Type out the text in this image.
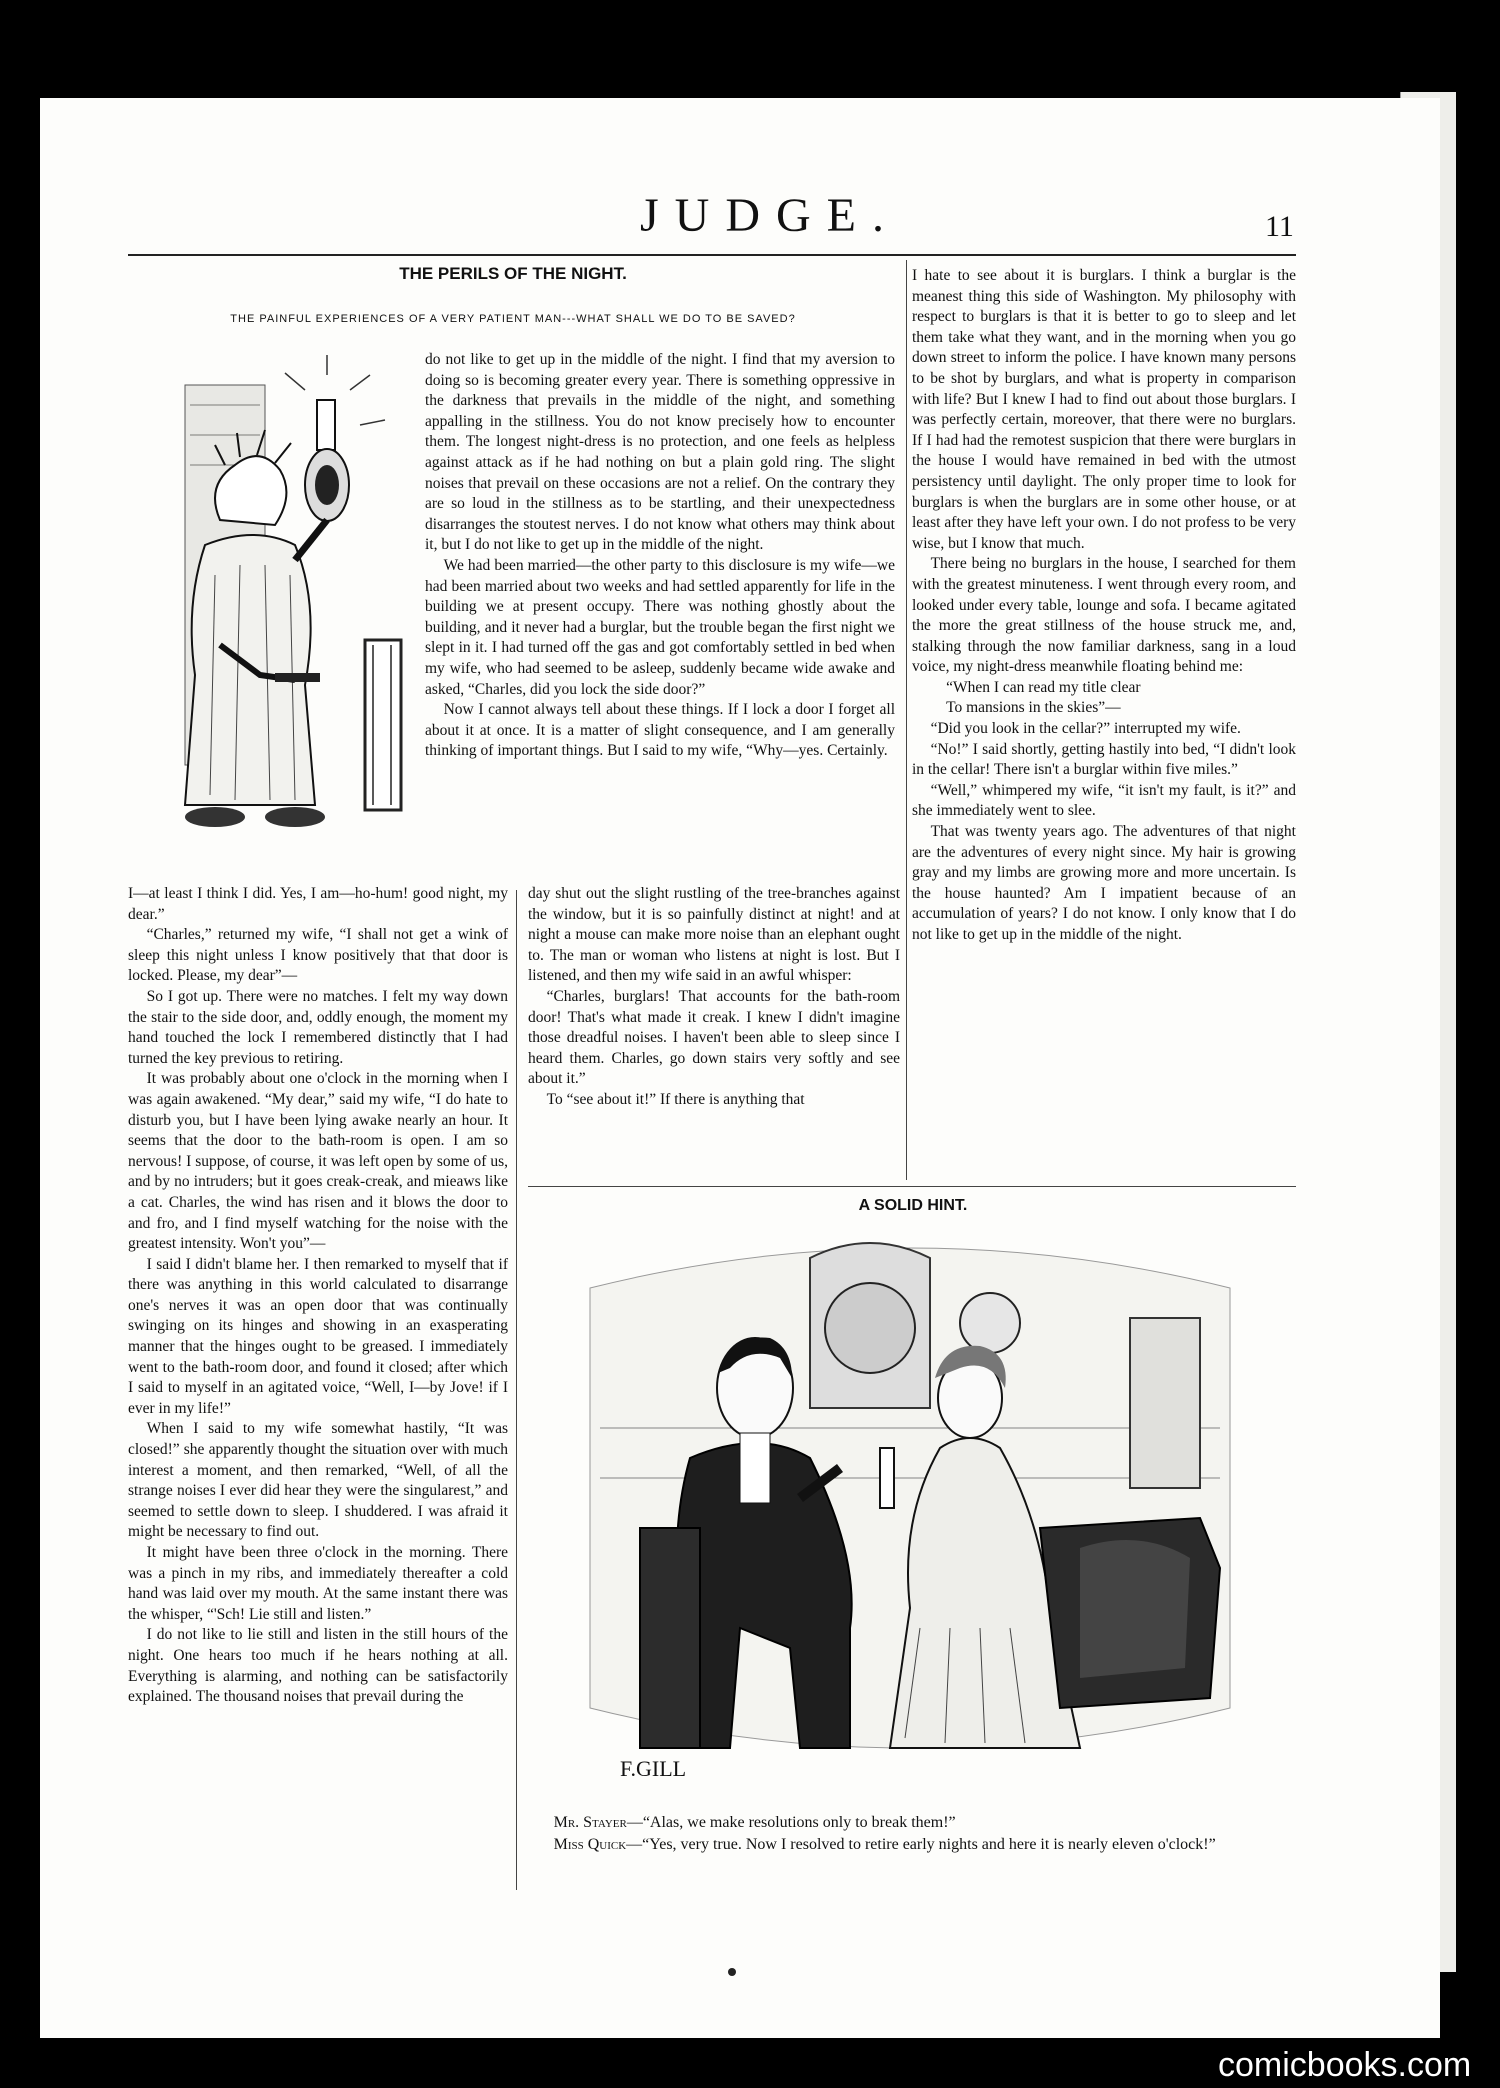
JUDGE.	11
THE PERILS OF THE NIGHT.
THE PAINFUL EXPERIENCES OF A VERY PATIENT MAN---WHAT SHALL WE DO TO BE SAVED?

do not like to get up in the middle of the night. I find that my aversion to doing so is becoming greater every year. There is something oppressive in the darkness that prevails in the middle of the night, and something appalling in the stillness. You do not know precisely how to encounter them. The longest night-dress is no protection, and one feels as helpless against attack as if he had nothing on but a plain gold ring. The slight noises that prevail on these occasions are not a relief. On the contrary they are so loud in the stillness as to be startling, and their unexpectedness disarranges the stoutest nerves. I do not know what others may think about it, but I do not like to get up in the middle of the night.

We had been married—the other party to this disclosure is my wife—we had been married about two weeks and had settled apparently for life in the building we at present occupy. There was nothing ghostly about the building, and it never had a burglar, but the trouble began the first night we slept in it. I had turned off the gas and got comfortably settled in bed when my wife, who had seemed to be asleep, suddenly became wide awake and asked, “Charles, did you lock the side door?”

Now I cannot always tell about these things. If I lock a door I forget all about it at once. It is a matter of slight consequence, and I am generally thinking of important things. But I said to my wife, “Why—yes. Certainly.

I—at least I think I did. Yes, I am—ho-hum! good night, my dear.”

“Charles,” returned my wife, “I shall not get a wink of sleep this night unless I know positively that that door is locked. Please, my dear”—

So I got up. There were no matches. I felt my way down the stair to the side door, and, oddly enough, the moment my hand touched the lock I remembered distinctly that I had turned the key previous to retiring.

It was probably about one o'clock in the morning when I was again awakened. “My dear,” said my wife, “I do hate to disturb you, but I have been lying awake nearly an hour. It seems that the door to the bath-room is open. I am so nervous! I suppose, of course, it was left open by some of us, and by no intruders; but it goes creak-creak, and mieaws like a cat. Charles, the wind has risen and it blows the door to and fro, and I find myself watching for the noise with the greatest intensity. Won't you”—

I said I didn't blame her. I then remarked to myself that if there was anything in this world calculated to disarrange one's nerves it was an open door that was continually swinging on its hinges and showing in an exasperating manner that the hinges ought to be greased. I immediately went to the bath-room door, and found it closed; after which I said to myself in an agitated voice, “Well, I—by Jove! if I ever in my life!”

When I said to my wife somewhat hastily, “It was closed!” she apparently thought the situation over with much interest a moment, and then remarked, “Well, of all the strange noises I ever did hear they were the singularest,” and seemed to settle down to sleep. I shuddered. I was afraid it might be necessary to find out.

It might have been three o'clock in the morning. There was a pinch in my ribs, and immediately thereafter a cold hand was laid over my mouth. At the same instant there was the whisper, “'Sch! Lie still and listen.”

I do not like to lie still and listen in the still hours of the night. One hears too much if he hears nothing at all. Everything is alarming, and nothing can be satisfactorily explained. The thousand noises that prevail during the

day shut out the slight rustling of the tree-branches against the window, but it is so painfully distinct at night! and at night a mouse can make more noise than an elephant ought to. The man or woman who listens at night is lost. But I listened, and then my wife said in an awful whisper:

“Charles, burglars! That accounts for the bath-room door! That's what made it creak. I knew I didn't imagine those dreadful noises. I haven't been able to sleep since I heard them. Charles, go down stairs very softly and see about it.”

To “see about it!” If there is anything that

I hate to see about it is burglars. I think a burglar is the meanest thing this side of Washington. My philosophy with respect to burglars is that it is better to go to sleep and let them take what they want, and in the morning when you go down street to inform the police. I have known many persons to be shot by burglars, and what is property in comparison with life? But I knew I had to find out about those burglars. I was perfectly certain, moreover, that there were no burglars. If I had had the remotest suspicion that there were burglars in the house I would have remained in bed with the utmost persistency until daylight. The only proper time to look for burglars is when the burglars are in some other house, or at least after they have left your own. I do not profess to be very wise, but I know that much.

There being no burglars in the house, I searched for them with the greatest minuteness. I went through every room, and looked under every table, lounge and sofa. I became agitated the more the great stillness of the house struck me, and, stalking through the now familiar darkness, sang in a loud voice, my night-dress meanwhile floating behind me:

“When I can read my title clear

To mansions in the skies”—

“Did you look in the cellar?” interrupted my wife.

“No!” I said shortly, getting hastily into bed, “I didn't look in the cellar! There isn't a burglar within five miles.”

“Well,” whimpered my wife, “it isn't my fault, is it?” and she immediately went to slee.

That was twenty years ago. The adventures of that night are the adventures of every night since. My hair is growing gray and my limbs are growing more and more uncertain. Is the house haunted? Am I impatient because of an accumulation of years? I do not know. I only know that I do not like to get up in the middle of the night.

A SOLID HINT.
F.GILL

Mr. Stayer—“Alas, we make resolutions only to break them!”

Miss Quick—“Yes, very true. Now I resolved to retire early nights and here it is nearly eleven o'clock!”

comicbooks.com
